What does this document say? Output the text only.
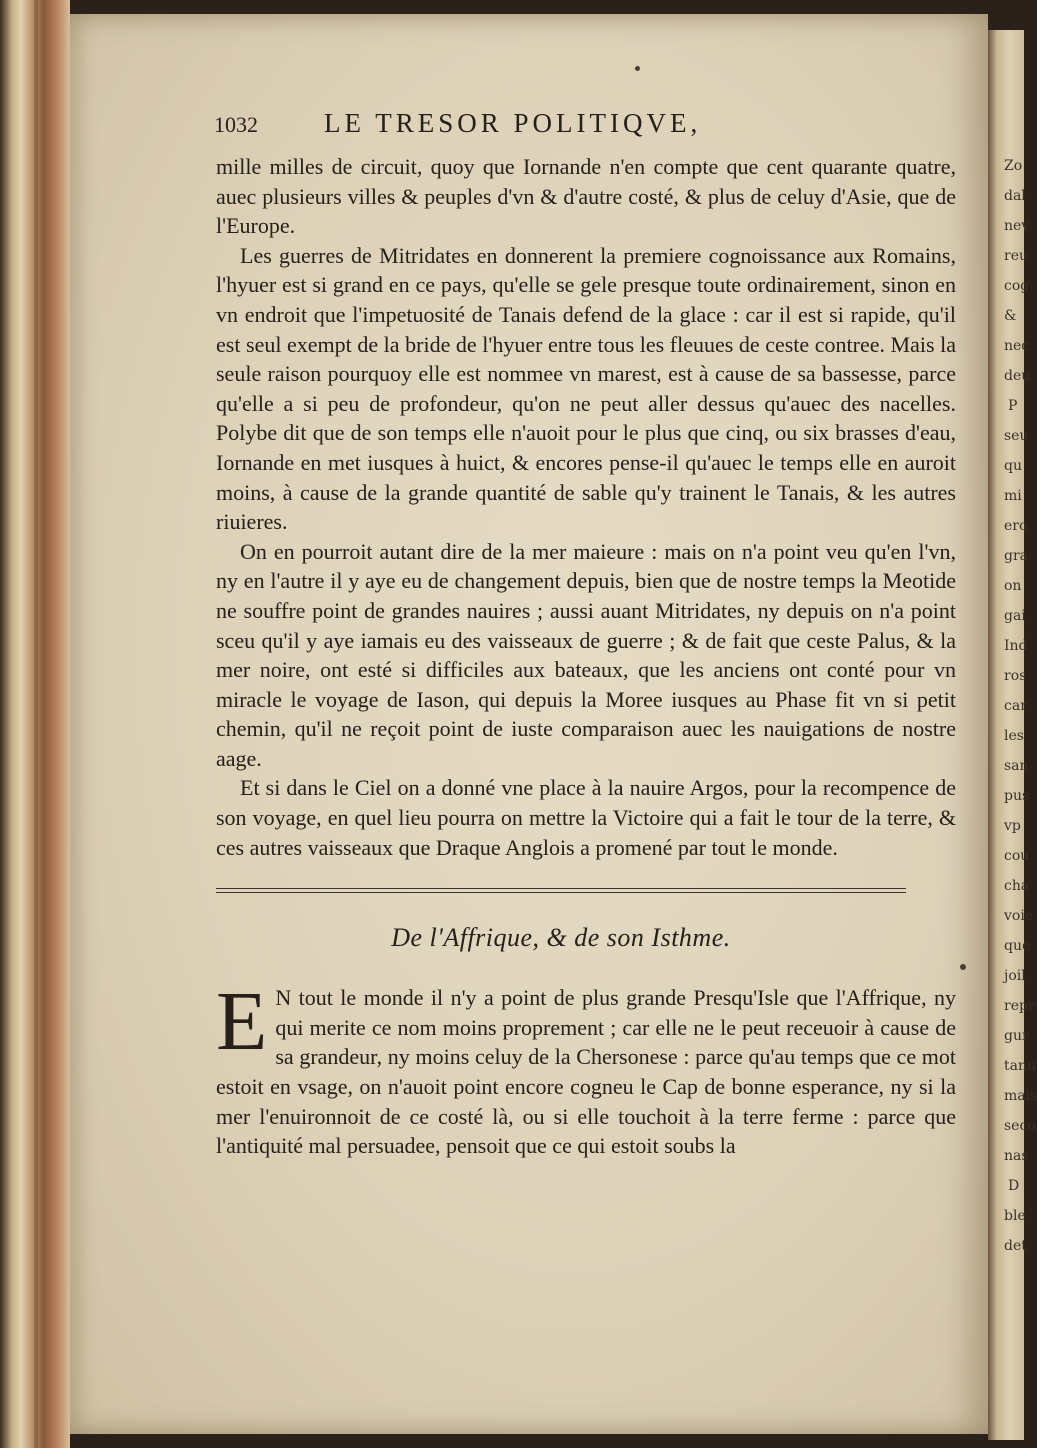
Zo
dal
nev
reu
cog
&
nec
deu
P
seu
qu
mi
ero
gra
on
gai
Ind
ros
car
les
san
pus
vp
cou
cha
voie
que
joil
repr
gur
tanu
mais
seco
nas
D
ble
det
1032	LE TRESOR POLITIQVE,

mille milles de circuit, quoy que Iornande n'en compte que cent quarante quatre, auec plusieurs villes & peuples d'vn & d'autre costé, & plus de celuy d'Asie, que de l'Europe.

Les guerres de Mitridates en donnerent la premiere cognoissance aux Romains, l'hyuer est si grand en ce pays, qu'elle se gele presque toute ordinairement, sinon en vn endroit que l'impetuosité de Tanais defend de la glace : car il est si rapide, qu'il est seul exempt de la bride de l'hyuer entre tous les fleuues de ceste contree. Mais la seule raison pourquoy elle est nommee vn marest, est à cause de sa bassesse, parce qu'elle a si peu de profondeur, qu'on ne peut aller dessus qu'auec des nacelles. Polybe dit que de son temps elle n'auoit pour le plus que cinq, ou six brasses d'eau, Iornande en met iusques à huict, & encores pense-il qu'auec le temps elle en auroit moins, à cause de la grande quantité de sable qu'y trainent le Tanais, & les autres riuieres.

On en pourroit autant dire de la mer maieure : mais on n'a point veu qu'en l'vn, ny en l'autre il y aye eu de changement depuis, bien que de nostre temps la Meotide ne souffre point de grandes nauires ; aussi auant Mitridates, ny depuis on n'a point sceu qu'il y aye iamais eu des vaisseaux de guerre ; & de fait que ceste Palus, & la mer noire, ont esté si difficiles aux bateaux, que les anciens ont conté pour vn miracle le voyage de Iason, qui depuis la Moree iusques au Phase fit vn si petit chemin, qu'il ne reçoit point de iuste comparaison auec les nauigations de nostre aage.

Et si dans le Ciel on a donné vne place à la nauire Argos, pour la recompence de son voyage, en quel lieu pourra on mettre la Victoire qui a fait le tour de la terre, & ces autres vaisseaux que Draque Anglois a promené par tout le monde.

De l'Affrique, & de son Isthme.
E N tout le monde il n'y a point de plus grande Presqu'Isle que l'Affrique, ny qui merite ce nom moins proprement ; car elle ne le peut receuoir à cause de sa grandeur, ny moins celuy de la Chersonese : parce qu'au temps que ce mot estoit en vsage, on n'auoit point encore cogneu le Cap de bonne esperance, ny si la mer l'enuironnoit de ce costé là, ou si elle touchoit à la terre ferme : parce que l'antiquité mal persuadee, pensoit que ce qui estoit soubs la
